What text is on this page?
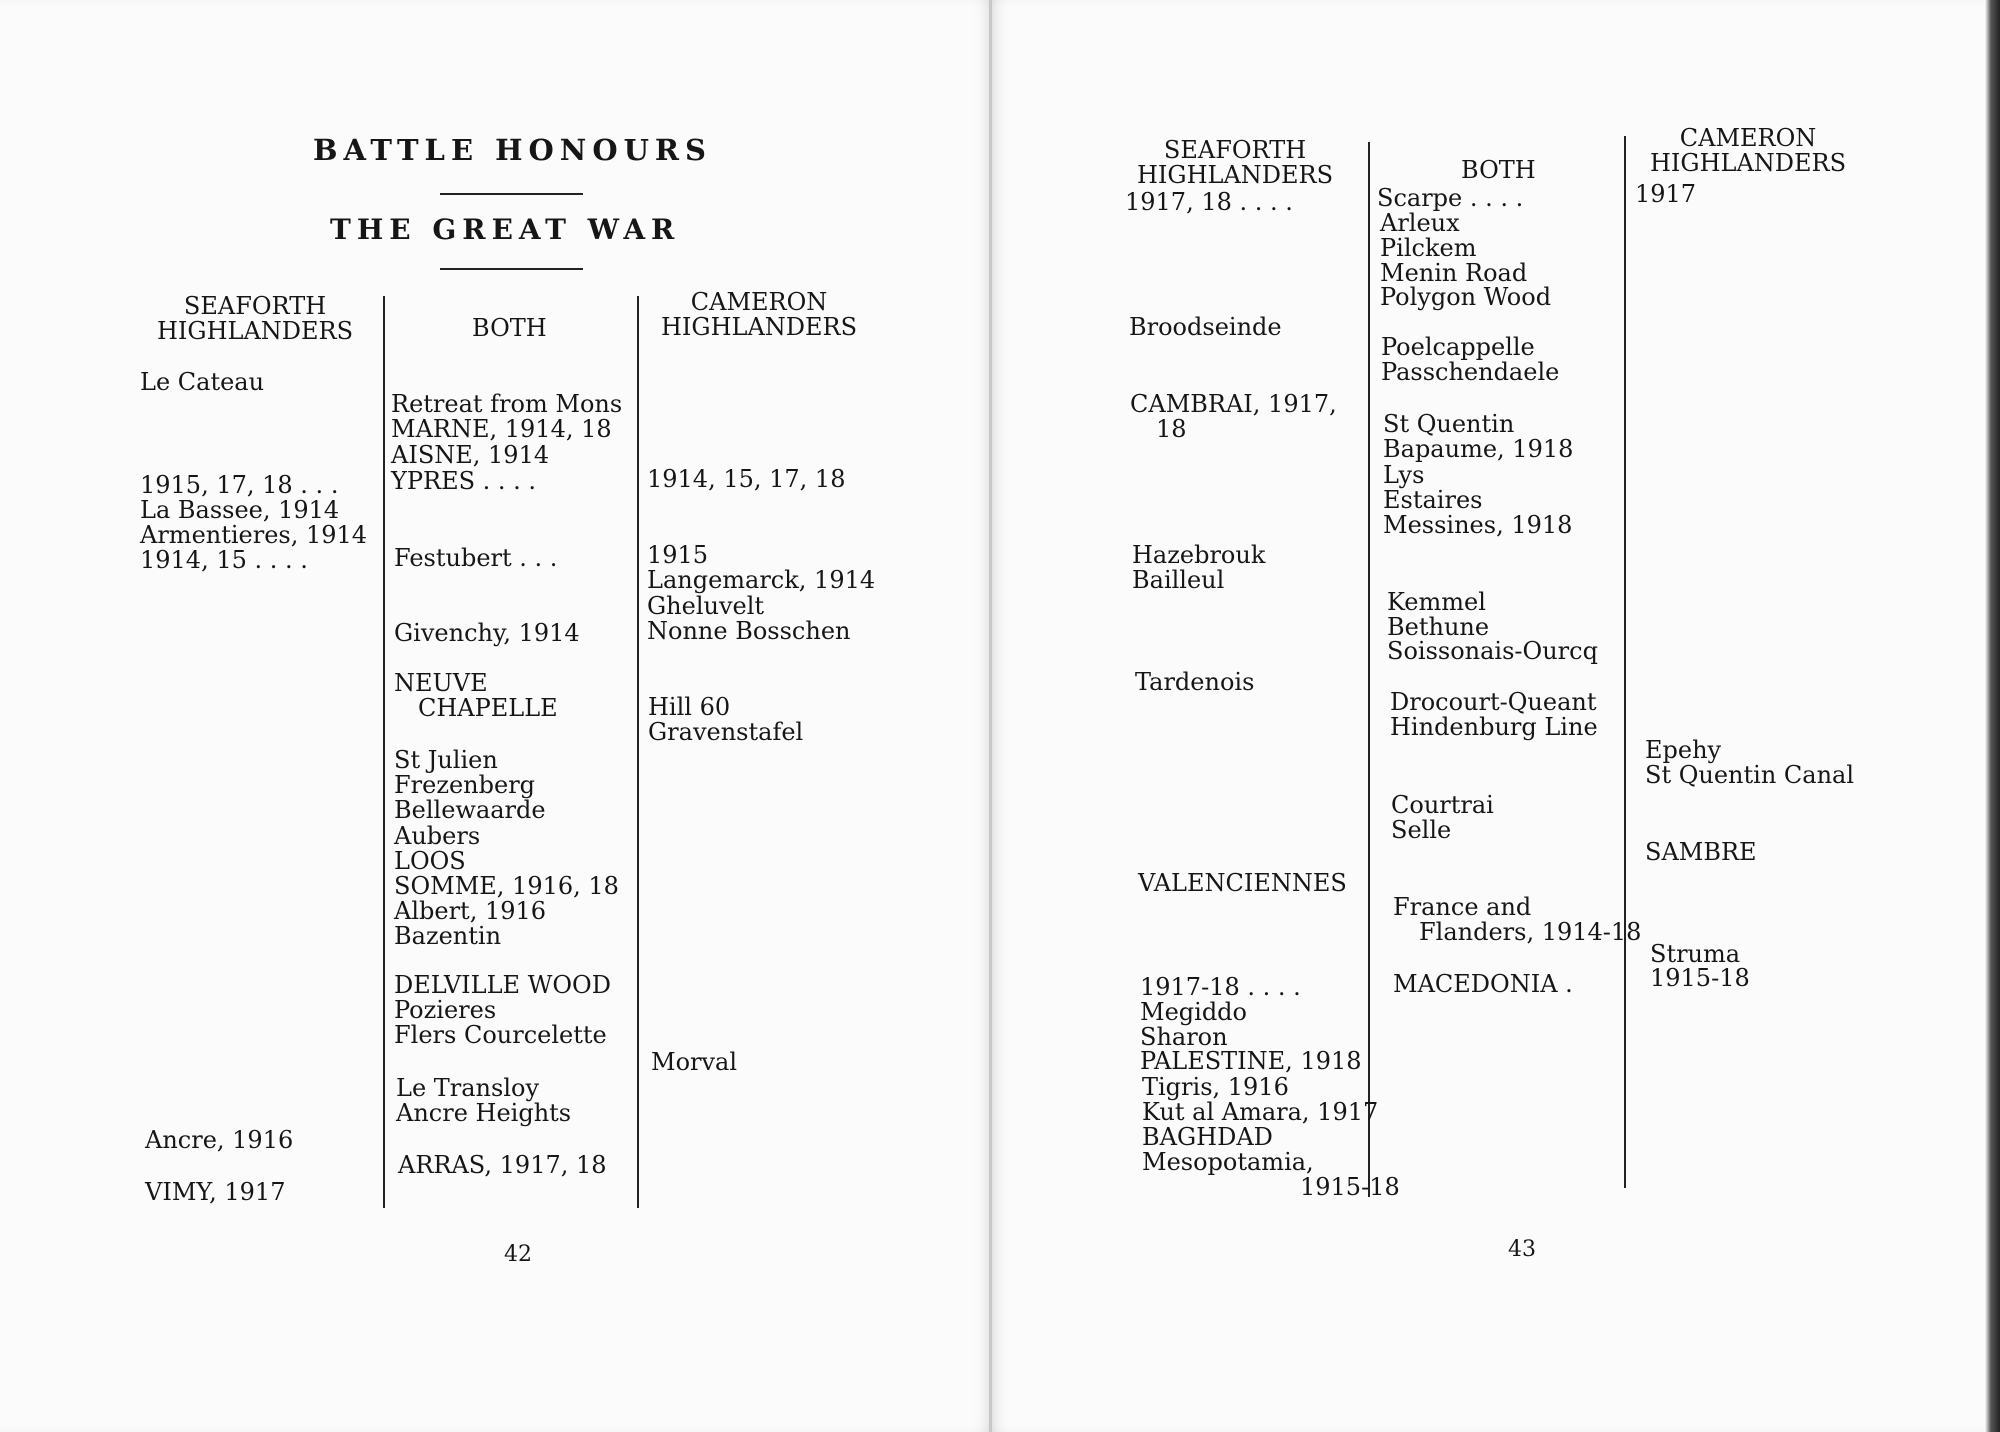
BATTLE HONOURS
THE GREAT WAR
SEAFORTH
HIGHLANDERS	BOTH
CAMERON
HIGHLANDERS
Le Cateau
1915, 17, 18 . . .
La Bassee, 1914
Armentieres, 1914
1914, 15 . . . .
Ancre, 1916
VIMY, 1917
Retreat from Mons
MARNE, 1914, 18
AISNE, 1914
YPRES . . . .
Festubert . . .
Givenchy, 1914
NEUVE
CHAPELLE
St Julien
Frezenberg
Bellewaarde
Aubers
LOOS
SOMME, 1916, 18
Albert, 1916
Bazentin
DELVILLE WOOD
Pozieres
Flers Courcelette
Le Transloy
Ancre Heights
ARRAS, 1917, 18
1914, 15, 17, 18
1915
Langemarck, 1914
Gheluvelt
Nonne Bosschen
Hill 60
Gravenstafel
Morval
42
SEAFORTH
HIGHLANDERS	BOTH
CAMERON
HIGHLANDERS
1917, 18 . . . .
Broodseinde
CAMBRAI, 1917,
18
Hazebrouk
Bailleul
Tardenois
VALENCIENNES
1917-18 . . . .
Megiddo
Sharon
PALESTINE, 1918
Tigris, 1916
Kut al Amara, 1917
BAGHDAD
Mesopotamia,
1915-18
Scarpe . . . .
Arleux
Pilckem
Menin Road
Polygon Wood
Poelcappelle
Passchendaele
St Quentin
Bapaume, 1918
Lys
Estaires
Messines, 1918
Kemmel
Bethune
Soissonais-Ourcq
Drocourt-Queant
Hindenburg Line
Courtrai
Selle
France and
Flanders, 1914-18
MACEDONIA .
1917
Epehy
St Quentin Canal
SAMBRE
Struma
1915-18
43
